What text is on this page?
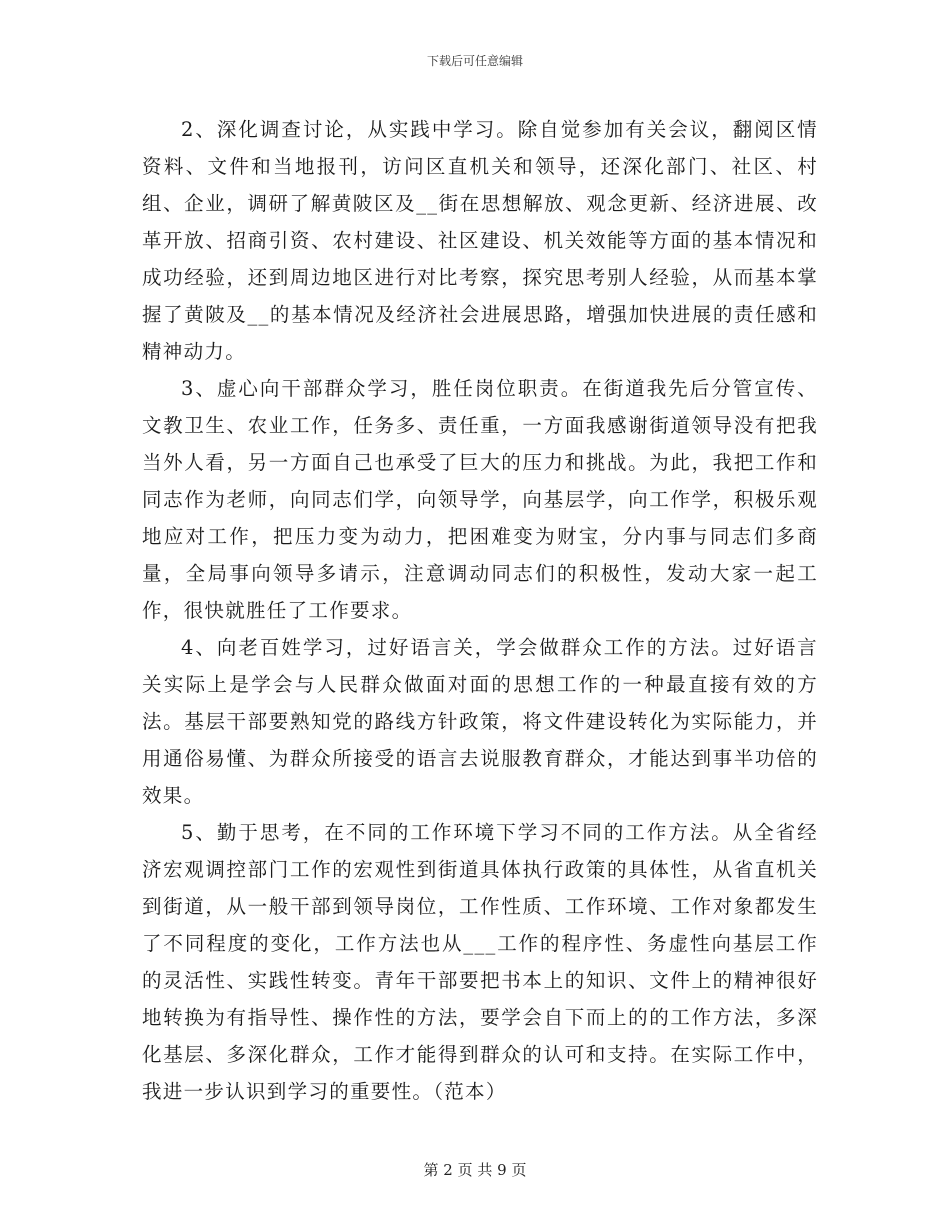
下载后可任意编辑

2、深化调查讨论，从实践中学习。除自觉参加有关会议，翻阅区情资料、文件和当地报刊，访问区直机关和领导，还深化部门、社区、村组、企业，调研了解黄陂区及__街在思想解放、观念更新、经济进展、改革开放、招商引资、农村建设、社区建设、机关效能等方面的基本情况和成功经验，还到周边地区进行对比考察，探究思考别人经验，从而基本掌握了黄陂及__的基本情况及经济社会进展思路，增强加快进展的责任感和精神动力。

3、虚心向干部群众学习，胜任岗位职责。在街道我先后分管宣传、文教卫生、农业工作，任务多、责任重，一方面我感谢街道领导没有把我当外人看，另一方面自己也承受了巨大的压力和挑战。为此，我把工作和同志作为老师，向同志们学，向领导学，向基层学，向工作学，积极乐观地应对工作，把压力变为动力，把困难变为财宝，分内事与同志们多商量，全局事向领导多请示，注意调动同志们的积极性，发动大家一起工作，很快就胜任了工作要求。

4、向老百姓学习，过好语言关，学会做群众工作的方法。过好语言关实际上是学会与人民群众做面对面的思想工作的一种最直接有效的方法。基层干部要熟知党的路线方针政策，将文件建设转化为实际能力，并用通俗易懂、为群众所接受的语言去说服教育群众，才能达到事半功倍的效果。

5、勤于思考，在不同的工作环境下学习不同的工作方法。从全省经济宏观调控部门工作的宏观性到街道具体执行政策的具体性，从省直机关到街道，从一般干部到领导岗位，工作性质、工作环境、工作对象都发生了不同程度的变化，工作方法也从___工作的程序性、务虚性向基层工作的灵活性、实践性转变。青年干部要把书本上的知识、文件上的精神很好地转换为有指导性、操作性的方法，要学会自下而上的的工作方法，多深化基层、多深化群众，工作才能得到群众的认可和支持。在实际工作中，我进一步认识到学习的重要性。（范本）

第 2 页 共 9 页
